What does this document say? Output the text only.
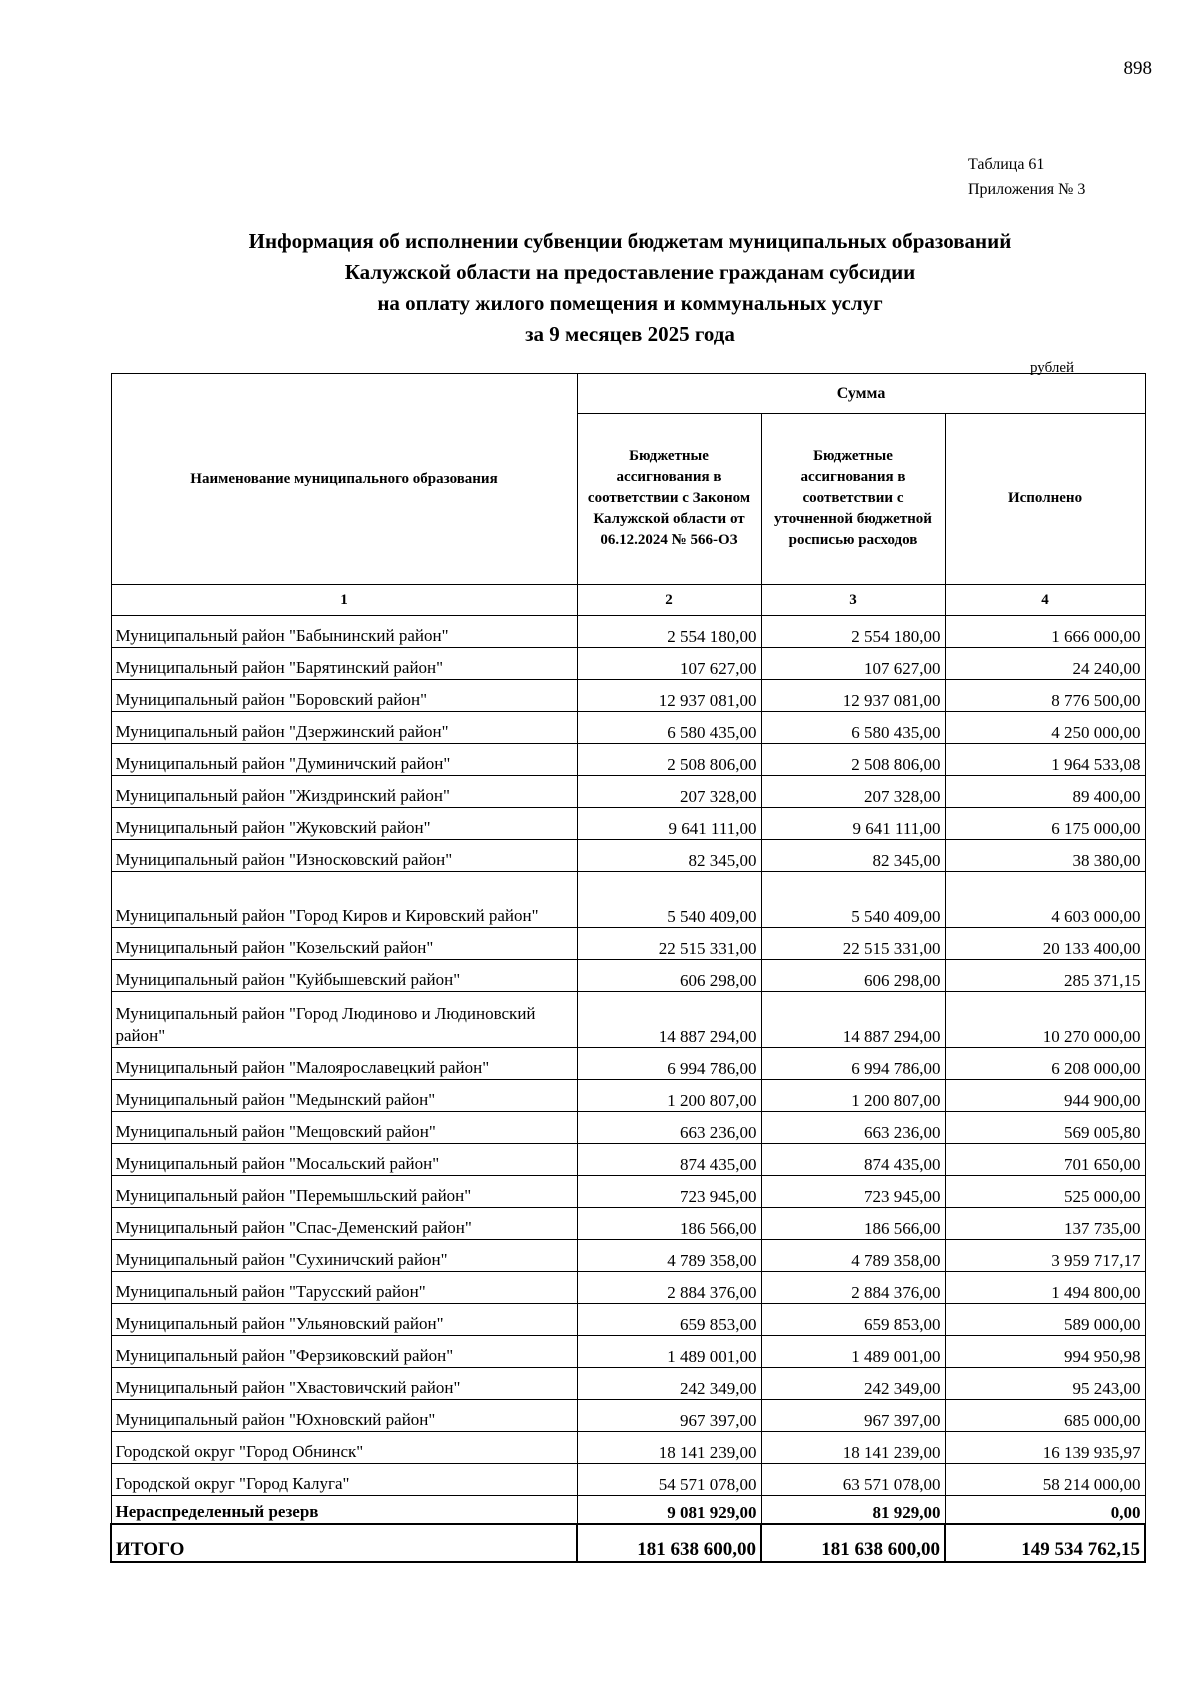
898
Таблица 61
Приложения № 3
Информация об исполнении субвенции бюджетам муниципальных образований
Калужской области на предоставление гражданам субсидии
на оплату жилого помещения и коммунальных услуг
за 9 месяцев 2025 года
рублей
Наименование муниципального образования	Сумма		
	Бюджетные ассигнования в соответствии с Законом Калужской области от 06.12.2024 № 566-ОЗ	Бюджетные ассигнования в соответствии с уточненной бюджетной росписью расходов	Исполнено
1	2	3	4
Муниципальный район "Бабынинский район"	2 554 180,00	2 554 180,00	1 666 000,00
Муниципальный район "Барятинский район"	107 627,00	107 627,00	24 240,00
Муниципальный район "Боровский район"	12 937 081,00	12 937 081,00	8 776 500,00
Муниципальный район "Дзержинский район"	6 580 435,00	6 580 435,00	4 250 000,00
Муниципальный район "Думиничский район"	2 508 806,00	2 508 806,00	1 964 533,08
Муниципальный район "Жиздринский район"	207 328,00	207 328,00	89 400,00
Муниципальный район "Жуковский район"	9 641 111,00	9 641 111,00	6 175 000,00
Муниципальный район "Износковский район"	82 345,00	82 345,00	38 380,00
Муниципальный район "Город Киров и Кировский район"	5 540 409,00	5 540 409,00	4 603 000,00
Муниципальный район "Козельский район"	22 515 331,00	22 515 331,00	20 133 400,00
Муниципальный район "Куйбышевский район"	606 298,00	606 298,00	285 371,15
Муниципальный район "Город Людиново и Людиновский район"	14 887 294,00	14 887 294,00	10 270 000,00
Муниципальный район "Малоярославецкий район"	6 994 786,00	6 994 786,00	6 208 000,00
Муниципальный район "Медынский район"	1 200 807,00	1 200 807,00	944 900,00
Муниципальный район "Мещовский район"	663 236,00	663 236,00	569 005,80
Муниципальный район "Мосальский район"	874 435,00	874 435,00	701 650,00
Муниципальный район "Перемышльский район"	723 945,00	723 945,00	525 000,00
Муниципальный район "Спас-Деменский район"	186 566,00	186 566,00	137 735,00
Муниципальный район "Сухиничский район"	4 789 358,00	4 789 358,00	3 959 717,17
Муниципальный район "Тарусский район"	2 884 376,00	2 884 376,00	1 494 800,00
Муниципальный район "Ульяновский район"	659 853,00	659 853,00	589 000,00
Муниципальный район "Ферзиковский район"	1 489 001,00	1 489 001,00	994 950,98
Муниципальный район "Хвастовичский район"	242 349,00	242 349,00	95 243,00
Муниципальный район "Юхновский район"	967 397,00	967 397,00	685 000,00
Городской округ "Город Обнинск"	18 141 239,00	18 141 239,00	16 139 935,97
Городской округ "Город Калуга"	54 571 078,00	63 571 078,00	58 214 000,00
Нераспределенный резерв	9 081 929,00	81 929,00	0,00
ИТОГО	181 638 600,00	181 638 600,00	149 534 762,15
